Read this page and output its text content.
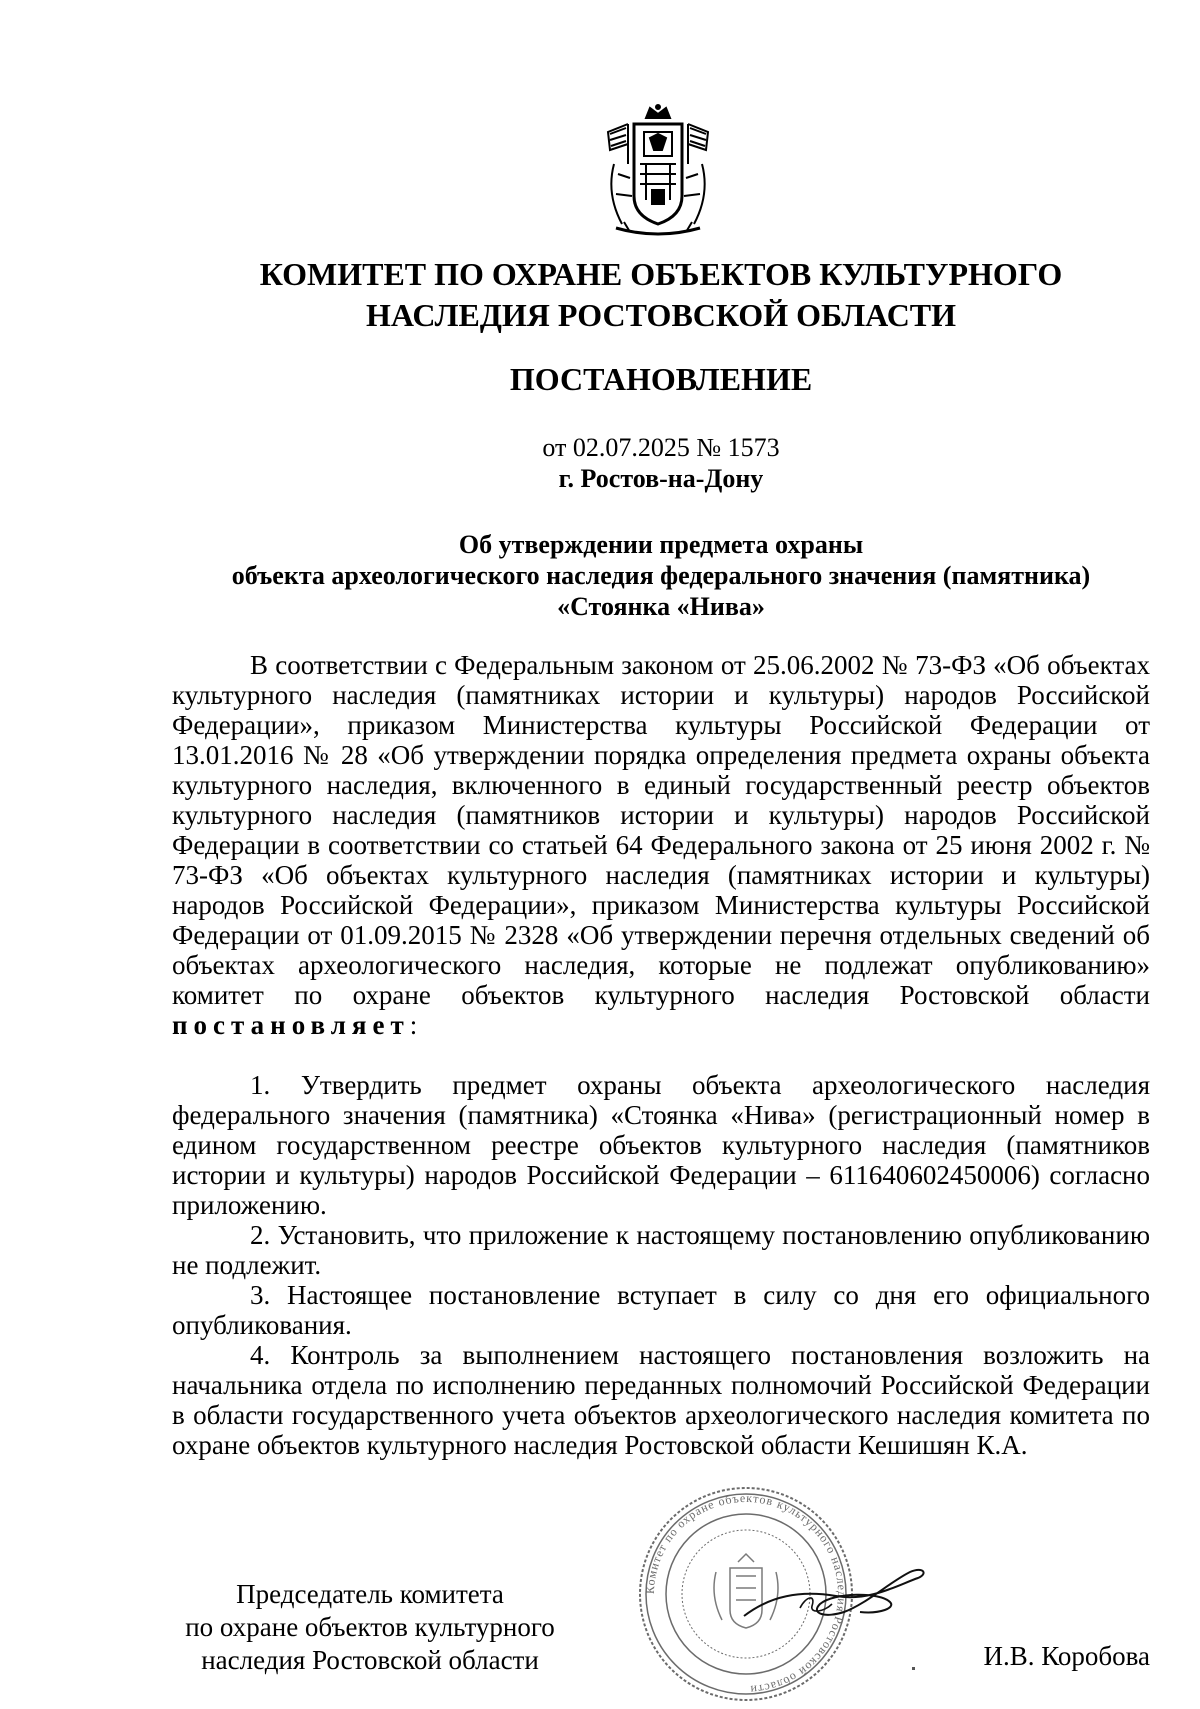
КОМИТЕТ ПО ОХРАНЕ ОБЪЕКТОВ КУЛЬТУРНОГО
НАСЛЕДИЯ РОСТОВСКОЙ ОБЛАСТИ
ПОСТАНОВЛЕНИЕ
от 02.07.2025 № 1573
г. Ростов-на-Дону
Об утверждении предмета охраны
объекта археологического наследия федерального значения (памятника)
«Стоянка «Нива»

В соответствии с Федеральным законом от 25.06.2002 № 73-ФЗ «Об объектах культурного наследия (памятниках истории и культуры) народов Российской Федерации», приказом Министерства культуры Российской Федерации от 13.01.2016 № 28 «Об утверждении порядка определения предмета охраны объекта культурного наследия, включенного в единый государственный реестр объектов культурного наследия (памятников истории и культуры) народов Российской Федерации в соответствии со статьей 64 Федерального закона от 25 июня 2002 г. № 73-ФЗ «Об объектах культурного наследия (памятниках истории и культуры) народов Российской Федерации», приказом Министерства культуры Российской Федерации от 01.09.2015 № 2328 «Об утверждении перечня отдельных сведений об объектах археологического наследия, которые не подлежат опубликованию» комитет по охране объектов культурного наследия Ростовской области постановляет:

1. Утвердить предмет охраны объекта археологического наследия федерального значения (памятника) «Стоянка «Нива» (регистрационный номер в едином государственном реестре объектов культурного наследия (памятников истории и культуры) народов Российской Федерации – 611640602450006) согласно приложению.

2. Установить, что приложение к настоящему постановлению опубликованию не подлежит.

3. Настоящее постановление вступает в силу со дня его официального опубликования.

4. Контроль за выполнением настоящего постановления возложить на начальника отдела по исполнению переданных полномочий Российской Федерации в области государственного учета объектов археологического наследия комитета по охране объектов культурного наследия Ростовской области Кешишян К.А.

Председатель комитета
по охране объектов культурного
наследия Ростовской области
Комитет по охране объектов культурного наследия Ростовской области
И.В. Коробова
